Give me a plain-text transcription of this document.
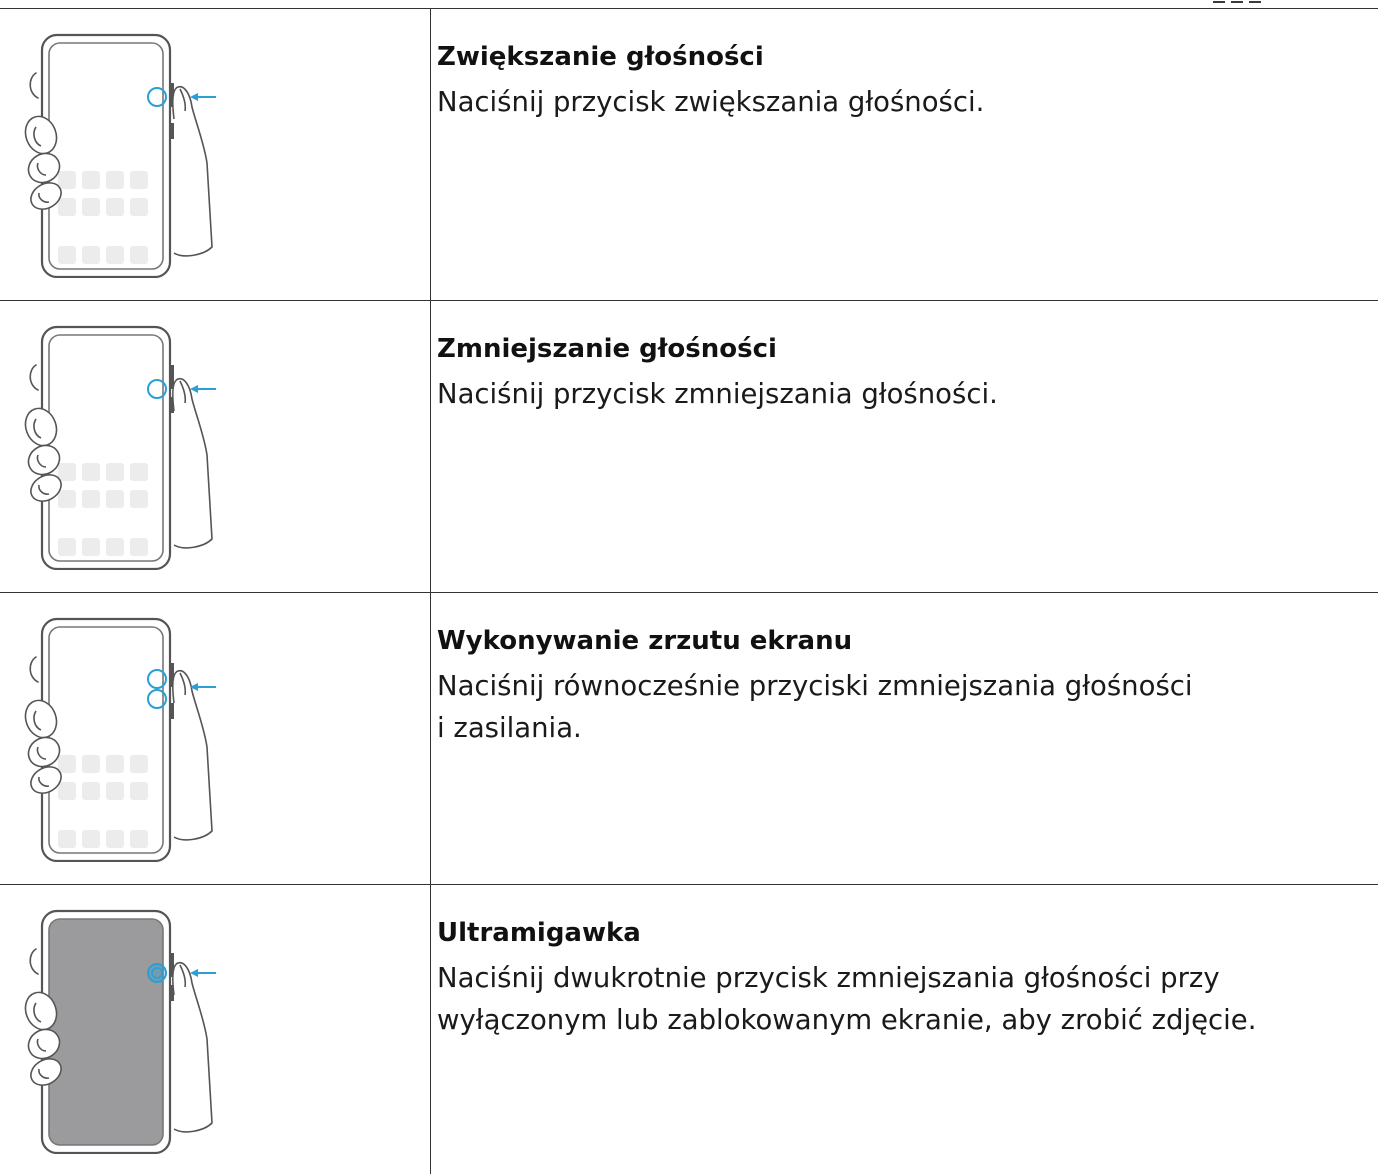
Zwiększanie głośności

Naciśnij przycisk zwiększania głośności.

Zmniejszanie głośności

Naciśnij przycisk zmniejszania głośności.

Wykonywanie zrzutu ekranu

Naciśnij równocześnie przyciski zmniejszania głośności
i zasilania.

Ultramigawka

Naciśnij dwukrotnie przycisk zmniejszania głośności przy
wyłączonym lub zablokowanym ekranie, aby zrobić zdjęcie.
